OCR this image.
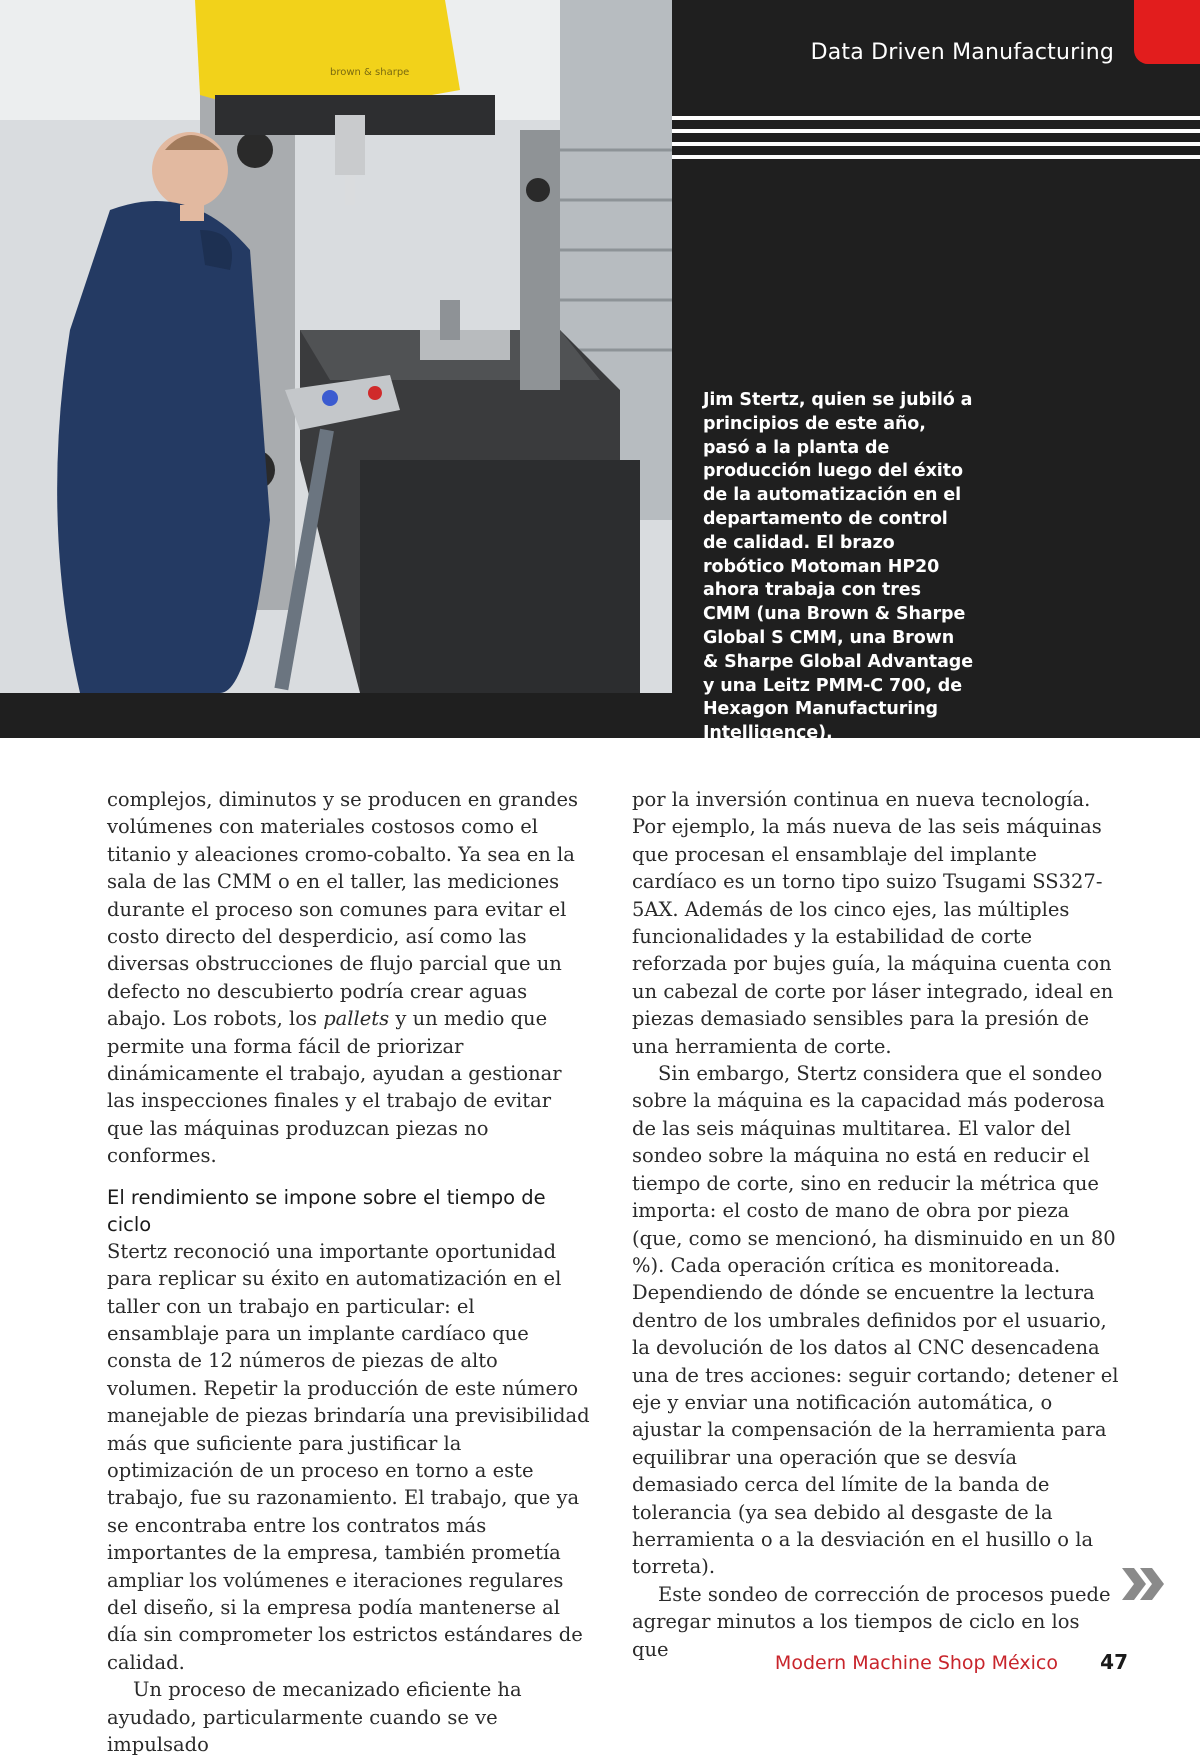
brown & sharpe
Data Driven Manufacturing
Jim Stertz, quien se jubiló a principios de este año, pasó a la planta de producción luego del éxito de la automatización en el departamento de control de calidad. El brazo robótico Motoman HP20 ahora trabaja con tres CMM (una Brown & Sharpe Global S CMM, una Brown & Sharpe Global Advantage y una Leitz PMM-C 700, de Hexagon Manufacturing Intelligence).

complejos, diminutos y se producen en grandes volúmenes con materiales costosos como el titanio y aleaciones cromo-cobalto. Ya sea en la sala de las CMM o en el taller, las mediciones durante el proceso son comunes para evitar el costo directo del desperdicio, así como las diversas obstrucciones de flujo parcial que un defecto no descubierto podría crear aguas abajo. Los robots, los pallets y un medio que permite una forma fácil de priorizar dinámicamente el trabajo, ayudan a gestionar las inspecciones finales y el trabajo de evitar que las máquinas produzcan piezas no conformes.

El rendimiento se impone sobre el tiempo de ciclo

Stertz reconoció una importante oportunidad para replicar su éxito en automatización en el taller con un trabajo en particular: el ensamblaje para un implante cardíaco que consta de 12 números de piezas de alto volumen. Repetir la producción de este número manejable de piezas brindaría una previsibilidad más que suficiente para justificar la optimización de un proceso en torno a este trabajo, fue su razonamiento. El trabajo, que ya se encontraba entre los contratos más importantes de la empresa, también prometía ampliar los volúmenes e iteraciones regulares del diseño, si la empresa podía mantenerse al día sin comprometer los estrictos estándares de calidad.

Un proceso de mecanizado eficiente ha ayudado, particularmente cuando se ve impulsado

por la inversión continua en nueva tecnología. Por ejemplo, la más nueva de las seis máquinas que procesan el ensamblaje del implante cardíaco es un torno tipo suizo Tsugami SS327-5AX. Además de los cinco ejes, las múltiples funcionalidades y la estabilidad de corte reforzada por bujes guía, la máquina cuenta con un cabezal de corte por láser integrado, ideal en piezas demasiado sensibles para la presión de una herramienta de corte.

Sin embargo, Stertz considera que el sondeo sobre la máquina es la capacidad más poderosa de las seis máquinas multitarea. El valor del sondeo sobre la máquina no está en reducir el tiempo de corte, sino en reducir la métrica que importa: el costo de mano de obra por pieza (que, como se mencionó, ha disminuido en un 80 %). Cada operación crítica es monitoreada. Dependiendo de dónde se encuentre la lectura dentro de los umbrales definidos por el usuario, la devolución de los datos al CNC desencadena una de tres acciones: seguir cortando; detener el eje y enviar una notificación automática, o ajustar la compensación de la herramienta para equilibrar una operación que se desvía demasiado cerca del límite de la banda de tolerancia (ya sea debido al desgaste de la herramienta o a la desviación en el husillo o la torreta).

Este sondeo de corrección de procesos puede agregar minutos a los tiempos de ciclo en los que

Modern Machine Shop México 47
